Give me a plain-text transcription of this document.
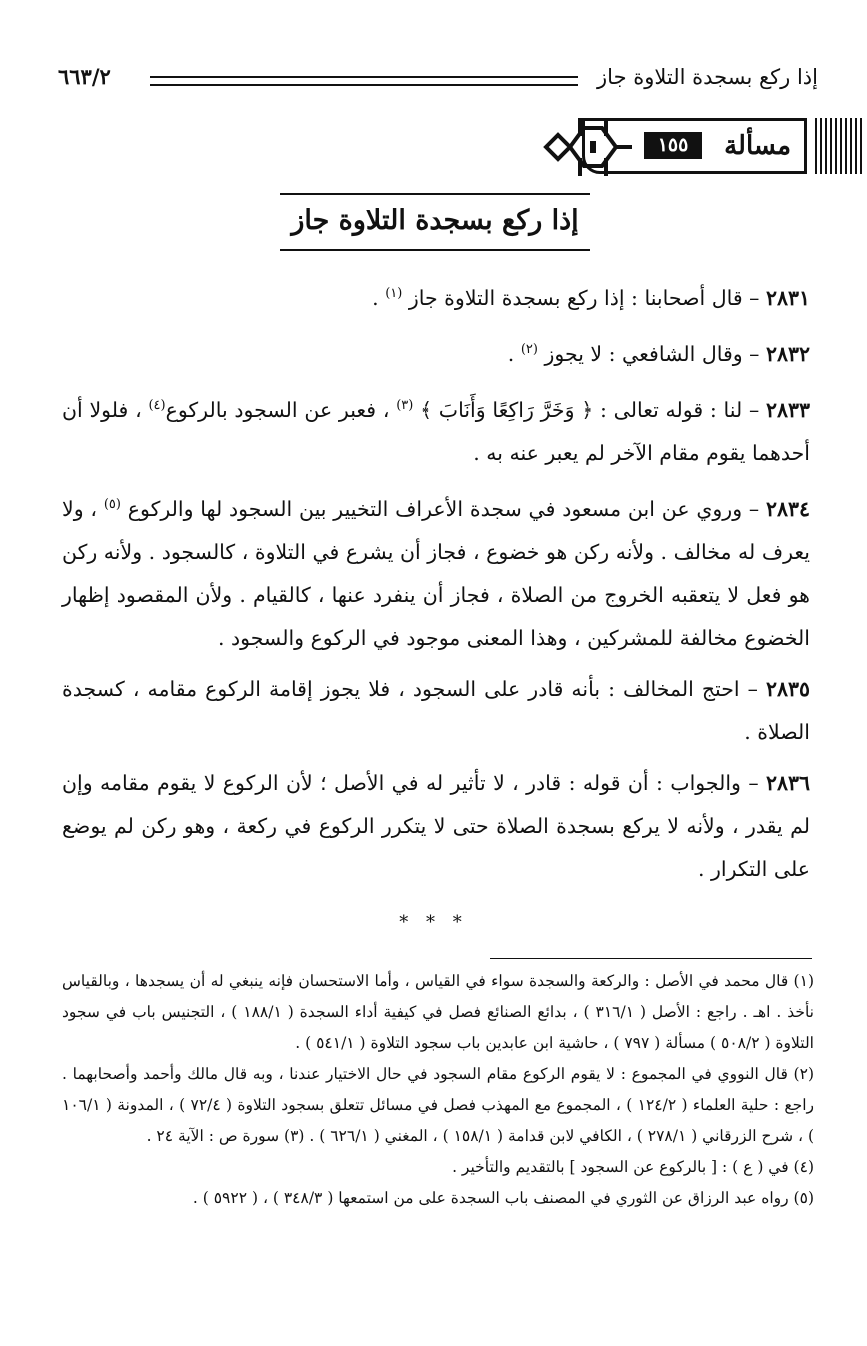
إذا ركع بسجدة التلاوة جاز
٦٦٣/٢
مسألة
١٥٥
إذا ركع بسجدة التلاوة جاز

٢٨٣١ – قال أصحابنا : إذا ركع بسجدة التلاوة جاز $^{(١)}$ .

٢٨٣٢ – وقال الشافعي : لا يجوز $^{(٢)}$ .

٢٨٣٣ – لنا : قوله تعالى : ﴿ وَخَرَّ رَاكِعًا وَأَنَابَ ﴾ $^{(٣)}$ ، فعبر عن السجود بالركوع$^{(٤)}$ ، فلولا أن أحدهما يقوم مقام الآخر لم يعبر عنه به .

٢٨٣٤ – وروي عن ابن مسعود في سجدة الأعراف التخيير بين السجود لها والركوع $^{(٥)}$ ، ولا يعرف له مخالف . ولأنه ركن هو خضوع ، فجاز أن يشرع في التلاوة ، كالسجود . ولأنه ركن هو فعل لا يتعقبه الخروج من الصلاة ، فجاز أن ينفرد عنها ، كالقيام . ولأن المقصود إظهار الخضوع مخالفة للمشركين ، وهذا المعنى موجود في الركوع والسجود .

٢٨٣٥ – احتج المخالف : بأنه قادر على السجود ، فلا يجوز إقامة الركوع مقامه ، كسجدة الصلاة .

٢٨٣٦ – والجواب : أن قوله : قادر ، لا تأثير له في الأصل ؛ لأن الركوع لا يقوم مقامه وإن لم يقدر ، ولأنه لا يركع بسجدة الصلاة حتى لا يتكرر الركوع في ركعة ، وهو ركن لم يوضع على التكرار .

* * *

(١) قال محمد في الأصل : والركعة والسجدة سواء في القياس ، وأما الاستحسان فإنه ينبغي له أن يسجدها ، وبالقياس نأخذ . اهـ . راجع : الأصل ( ٣١٦/١ ) ، بدائع الصنائع فصل في كيفية أداء السجدة ( ١٨٨/١ ) ، التجنيس باب في سجود التلاوة ( ٥٠٨/٢ ) مسألة ( ٧٩٧ ) ، حاشية ابن عابدين باب سجود التلاوة ( ٥٤١/١ ) .

(٢) قال النووي في المجموع : لا يقوم الركوع مقام السجود في حال الاختيار عندنا ، وبه قال مالك وأحمد وأصحابهما . راجع : حلية العلماء ( ١٢٤/٢ ) ، المجموع مع المهذب فصل في مسائل تتعلق بسجود التلاوة ( ٧٢/٤ ) ، المدونة ( ١٠٦/١ ) ، شرح الزرقاني ( ٢٧٨/١ ) ، الكافي لابن قدامة ( ١٥٨/١ ) ، المغني ( ٦٢٦/١ ) . (٣) سورة ص : الآية ٢٤ .

(٤) في ( ع ) : [ بالركوع عن السجود ] بالتقديم والتأخير .

(٥) رواه عبد الرزاق عن الثوري في المصنف باب السجدة على من استمعها ( ٣٤٨/٣ ) ، ( ٥٩٢٢ ) .
